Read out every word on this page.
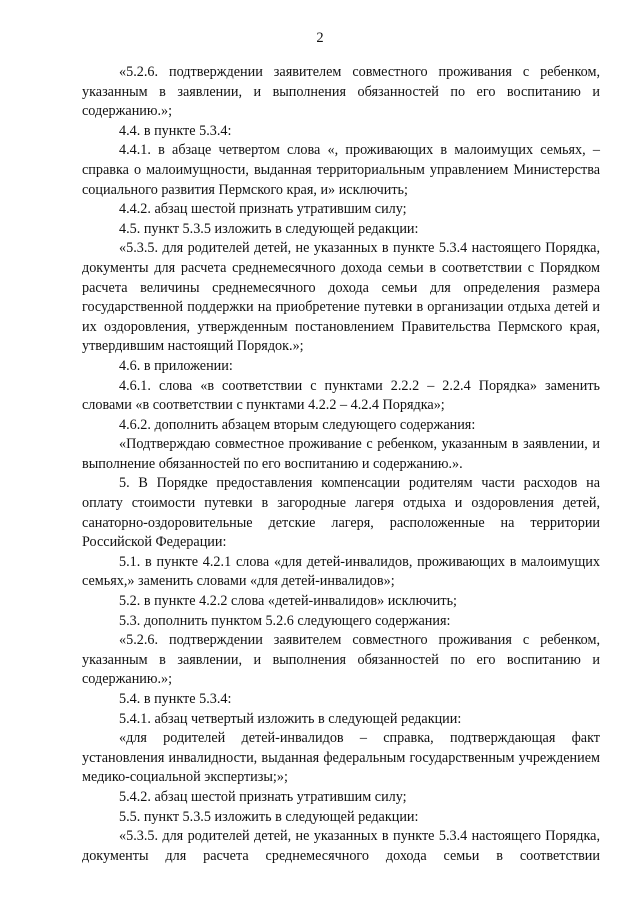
2

«5.2.6. подтверждении заявителем совместного проживания с ребенком, указанным в заявлении, и выполнения обязанностей по его воспитанию и содержанию.»;

4.4. в пункте 5.3.4:

4.4.1. в абзаце четвертом слова «, проживающих в малоимущих семьях, – справка о малоимущности, выданная территориальным управлением Министерства социального развития Пермского края, и» исключить;

4.4.2. абзац шестой признать утратившим силу;

4.5. пункт 5.3.5 изложить в следующей редакции:

«5.3.5. для родителей детей, не указанных в пункте 5.3.4 настоящего Порядка, документы для расчета среднемесячного дохода семьи в соответствии с Порядком расчета величины среднемесячного дохода семьи для определения размера государственной поддержки на приобретение путевки в организации отдыха детей и их оздоровления, утвержденным постановлением Правительства Пермского края, утвердившим настоящий Порядок.»;

4.6. в приложении:

4.6.1. слова «в соответствии с пунктами 2.2.2 – 2.2.4 Порядка» заменить словами «в соответствии с пунктами 4.2.2 – 4.2.4 Порядка»;

4.6.2. дополнить абзацем вторым следующего содержания:

«Подтверждаю совместное проживание с ребенком, указанным в заявлении, и выполнение обязанностей по его воспитанию и содержанию.».

5. В Порядке предоставления компенсации родителям части расходов на оплату стоимости путевки в загородные лагеря отдыха и оздоровления детей, санаторно-оздоровительные детские лагеря, расположенные на территории Российской Федерации:

5.1. в пункте 4.2.1 слова «для детей-инвалидов, проживающих в малоимущих семьях,» заменить словами «для детей-инвалидов»;

5.2. в пункте 4.2.2 слова «детей-инвалидов» исключить;

5.3. дополнить пунктом 5.2.6 следующего содержания:

«5.2.6. подтверждении заявителем совместного проживания с ребенком, указанным в заявлении, и выполнения обязанностей по его воспитанию и содержанию.»;

5.4. в пункте 5.3.4:

5.4.1. абзац четвертый изложить в следующей редакции:

«для родителей детей-инвалидов – справка, подтверждающая факт установления инвалидности, выданная федеральным государственным учреждением медико-социальной экспертизы;»;

5.4.2. абзац шестой признать утратившим силу;

5.5. пункт 5.3.5 изложить в следующей редакции:

«5.3.5. для родителей детей, не указанных в пункте 5.3.4 настоящего Порядка, документы для расчета среднемесячного дохода семьи в соответствии
